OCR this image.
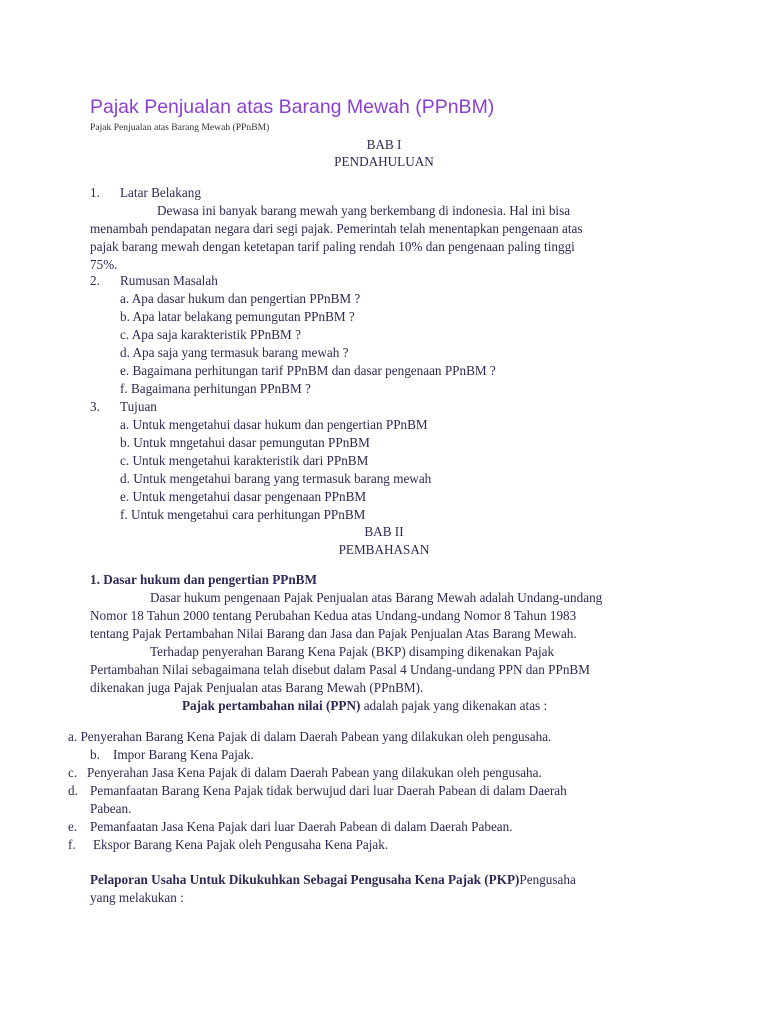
Pajak Penjualan atas Barang Mewah (PPnBM)
Pajak Penjualan atas Barang Mewah (PPnBM)
BAB I
PENDAHULUAN
1. Latar Belakang
Dewasa ini banyak barang mewah yang berkembang di indonesia. Hal ini bisa
menambah pendapatan negara dari segi pajak. Pemerintah telah menentapkan pengenaan atas
pajak barang mewah dengan ketetapan tarif paling rendah 10% dan pengenaan paling tinggi
75%.
2. Rumusan Masalah
a. Apa dasar hukum dan pengertian PPnBM ?
b. Apa latar belakang pemungutan PPnBM ?
c. Apa saja karakteristik PPnBM ?
d. Apa saja yang termasuk barang mewah ?
e. Bagaimana perhitungan tarif PPnBM dan dasar pengenaan PPnBM ?
f. Bagaimana perhitungan PPnBM ?
3. Tujuan
a. Untuk mengetahui dasar hukum dan pengertian PPnBM
b. Untuk mngetahui dasar pemungutan PPnBM
c. Untuk mengetahui karakteristik dari PPnBM
d. Untuk mengetahui barang yang termasuk barang mewah
e. Untuk mengetahui dasar pengenaan PPnBM
f. Untuk mengetahui cara perhitungan PPnBM
BAB II
PEMBAHASAN
1. Dasar hukum dan pengertian PPnBM
Dasar hukum pengenaan Pajak Penjualan atas Barang Mewah adalah Undang-undang
Nomor 18 Tahun 2000 tentang Perubahan Kedua atas Undang-undang Nomor 8 Tahun 1983
tentang Pajak Pertambahan Nilai Barang dan Jasa dan Pajak Penjualan Atas Barang Mewah.
Terhadap penyerahan Barang Kena Pajak (BKP) disamping dikenakan Pajak
Pertambahan Nilai sebagaimana telah disebut dalam Pasal 4 Undang-undang PPN dan PPnBM
dikenakan juga Pajak Penjualan atas Barang Mewah (PPnBM).
Pajak pertambahan nilai (PPN) adalah pajak yang dikenakan atas :
a. Penyerahan Barang Kena Pajak di dalam Daerah Pabean yang dilakukan oleh pengusaha.
b. Impor Barang Kena Pajak.
c. Penyerahan Jasa Kena Pajak di dalam Daerah Pabean yang dilakukan oleh pengusaha.
d. Pemanfaatan Barang Kena Pajak tidak berwujud dari luar Daerah Pabean di dalam Daerah
Pabean.
e. Pemanfaatan Jasa Kena Pajak dari luar Daerah Pabean di dalam Daerah Pabean.
f. Ekspor Barang Kena Pajak oleh Pengusaha Kena Pajak.
Pelaporan Usaha Untuk Dikukuhkan Sebagai Pengusaha Kena Pajak (PKP)Pengusaha
yang melakukan :
